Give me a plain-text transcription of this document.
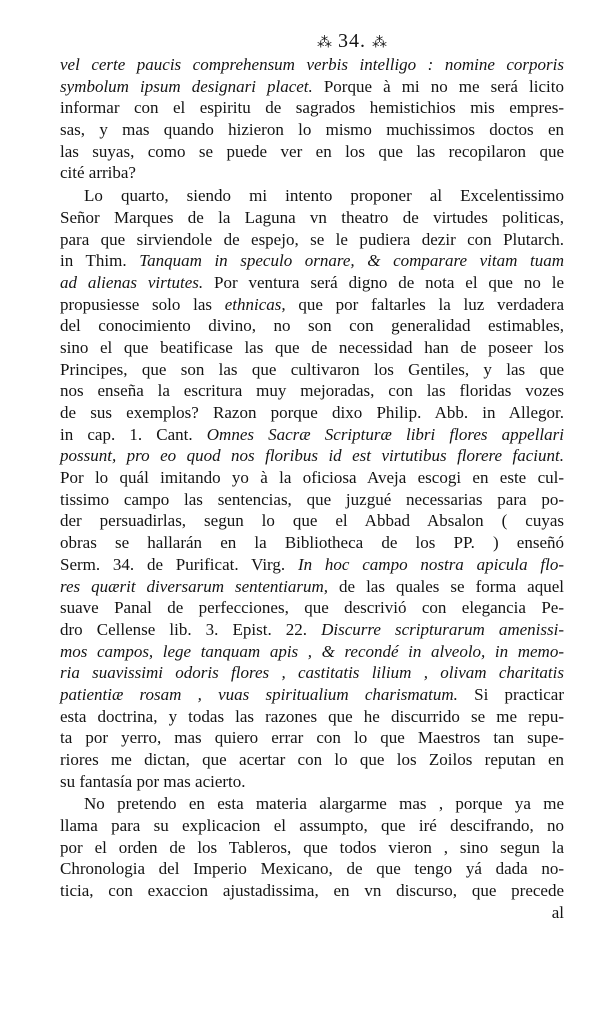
⁂ 34. ⁂
vel certe paucis comprehensum verbis intelligo : nomine corporis
symbolum ipsum designari placet. Porque à mi no me será licito
informar con el espiritu de sagrados hemistichios mis empres-
sas, y mas quando hizieron lo mismo muchissimos doctos en
las suyas, como se puede ver en los que las recopilaron que
cité arriba?
Lo quarto, siendo mi intento proponer al Excelentissimo
Señor Marques de la Laguna vn theatro de virtudes politicas,
para que sirviendole de espejo, se le pudiera dezir con Plutarch.
in Thim. Tanquam in speculo ornare, & comparare vitam tuam
ad alienas virtutes. Por ventura será digno de nota el que no le
propusiesse solo las ethnicas, que por faltarles la luz verdadera
del conocimiento divino, no son con generalidad estimables,
sino el que beatificase las que de necessidad han de poseer los
Principes, que son las que cultivaron los Gentiles, y las que
nos enseña la escritura muy mejoradas, con las floridas vozes
de sus exemplos? Razon porque dixo Philip. Abb. in Allegor.
in cap. 1. Cant. Omnes Sacræ Scripturæ libri flores appellari
possunt, pro eo quod nos floribus id est virtutibus florere faciunt.
Por lo quál imitando yo à la oficiosa Aveja escogi en este cul-
tissimo campo las sentencias, que juzgué necessarias para po-
der persuadirlas, segun lo que el Abbad Absalon ( cuyas
obras se hallarán en la Bibliotheca de los PP. ) enseñó
Serm. 34. de Purificat. Virg. In hoc campo nostra apicula flo-
res quærit diversarum sententiarum, de las quales se forma aquel
suave Panal de perfecciones, que descrivió con elegancia Pe-
dro Cellense lib. 3. Epist. 22. Discurre scripturarum amenissi-
mos campos, lege tanquam apis , & recondé in alveolo, in memo-
ria suavissimi odoris flores , castitatis lilium , olivam charitatis
patientiæ rosam , vuas spiritualium charismatum. Si practicar
esta doctrina, y todas las razones que he discurrido se me repu-
ta por yerro, mas quiero errar con lo que Maestros tan supe-
riores me dictan, que acertar con lo que los Zoilos reputan en
su fantasía por mas acierto.
No pretendo en esta materia alargarme mas , porque ya me
llama para su explicacion el assumpto, que iré descifrando, no
por el orden de los Tableros, que todos vieron , sino segun la
Chronologia del Imperio Mexicano, de que tengo yá dada no-
ticia, con exaccion ajustadissima, en vn discurso, que precede
al
